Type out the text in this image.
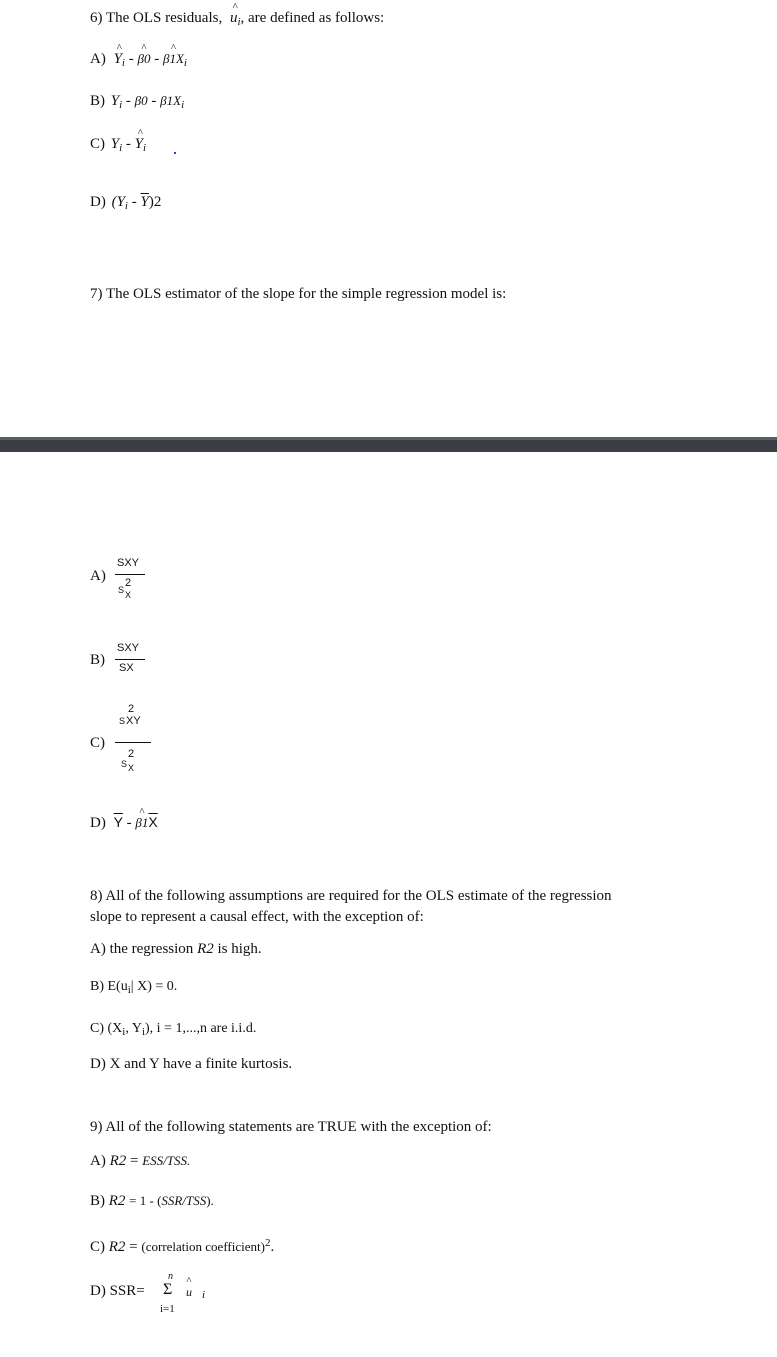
6) The OLS residuals, ^ $u_i$, are defined as follows:
A) ^ $Y_i$ - ^ β0 - ^ $\beta 1X_i$
B) $Y_i - \beta 0 - \beta 1X_i$
C) $Y_i$ - ^ $Y_i$
D) $(Y_i - \overline{Y})2$
7) The OLS estimator of the slope for the simple regression model is:
A)
SXY
2
S X
B)
SXY
SX
C)
2
S XY
2
S X
D) $\overline{Y}$ - ^ $\beta 1\overline{X}$
8) All of the following assumptions are required for the OLS estimate of the regression
slope to represent a causal effect, with the exception of:
A) the regression R2 is high.
B) $E(u_i|$ X) = 0.
C) ($X_i$, $Y_i$), i = 1,...,n are i.i.d.
D) X and Y have a finite kurtosis.
9) All of the following statements are TRUE with the exception of:
A) R2 = ESS/TSS.
B) R2 = 1 - (SSR/TSS).
C) R2 = (correlation coefficient)$^2$.
D) SSR=
n
Σ
i=1
^ u i
